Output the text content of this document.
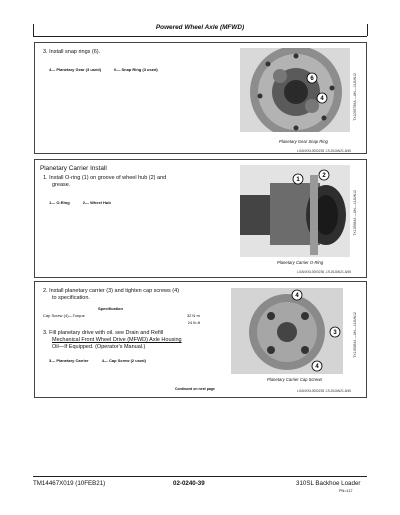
Powered Wheel Axle (MFWD)
3. Install snap rings (6).
4— Planetary Gear (3 used)	6— Snap Ring (3 used)
6
4	TX1056789A —UN—14JUN12
Planetary Gear Snap Ring
LOANXSL0000235 -19-26JAN21-8/45
Planetary Carrier Install
1. Install O-ring (1) on groove of wheel hub (2) and
grease.
1— O-Ring	2— Wheel Hub
1
2
TX1056844 —UN—14JUN12
Planetary Carrier O-Ring
LOANXSL0000236 -19-26JAN21-8/45
2. Install planetary carrier (3) and tighten cap screws (4)
to specification.
Specification
Cap Screw (4)—Torque	32 N·m
24 lb-ft
3. Fill planetary drive with oil. see Drain and Refill
Mechanical Front Wheel Drive (MFWD) Axle Housing
Oil—If Equipped. (Operator's Manual.)
3— Planetary Carrier	4— Cap Screw (2 used)
4
3
4
TX1056844 —UN—14JUN12
Planetary Carrier Cap Screws
Continued on next page	LOANXSL0000235 -19-26JAN21-8/45
TM14467X019 (10FEB21)	02-0240-39	310SL Backhoe Loader
PN=117
